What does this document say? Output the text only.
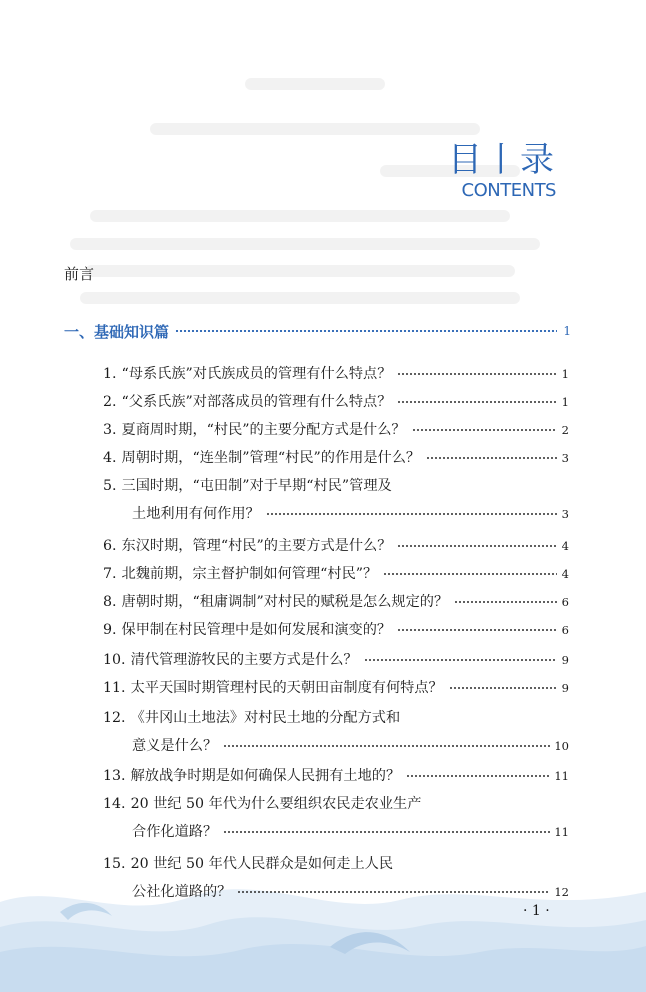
目丨录
CONTENTS
前言
一、基础知识篇	1
1. “母系氏族”对氏族成员的管理有什么特点？	1
2. “父系氏族”对部落成员的管理有什么特点？	1
3. 夏商周时期，“村民”的主要分配方式是什么？	2
4. 周朝时期，“连坐制”管理“村民”的作用是什么？	3
5. 三国时期，“屯田制”对于早期“村民”管理及
土地利用有何作用？	3
6. 东汉时期，管理“村民”的主要方式是什么？	4
7. 北魏前期，宗主督护制如何管理“村民”？	4
8. 唐朝时期，“租庸调制”对村民的赋税是怎么规定的？	6
9. 保甲制在村民管理中是如何发展和演变的？	6
10. 清代管理游牧民的主要方式是什么？	9
11. 太平天国时期管理村民的天朝田亩制度有何特点？	9
12. 《井冈山土地法》对村民土地的分配方式和
意义是什么？	10
13. 解放战争时期是如何确保人民拥有土地的？	11
14. 20 世纪 50 年代为什么要组织农民走农业生产
合作化道路？	11
15. 20 世纪 50 年代人民群众是如何走上人民
公社化道路的？	12
· 1 ·
